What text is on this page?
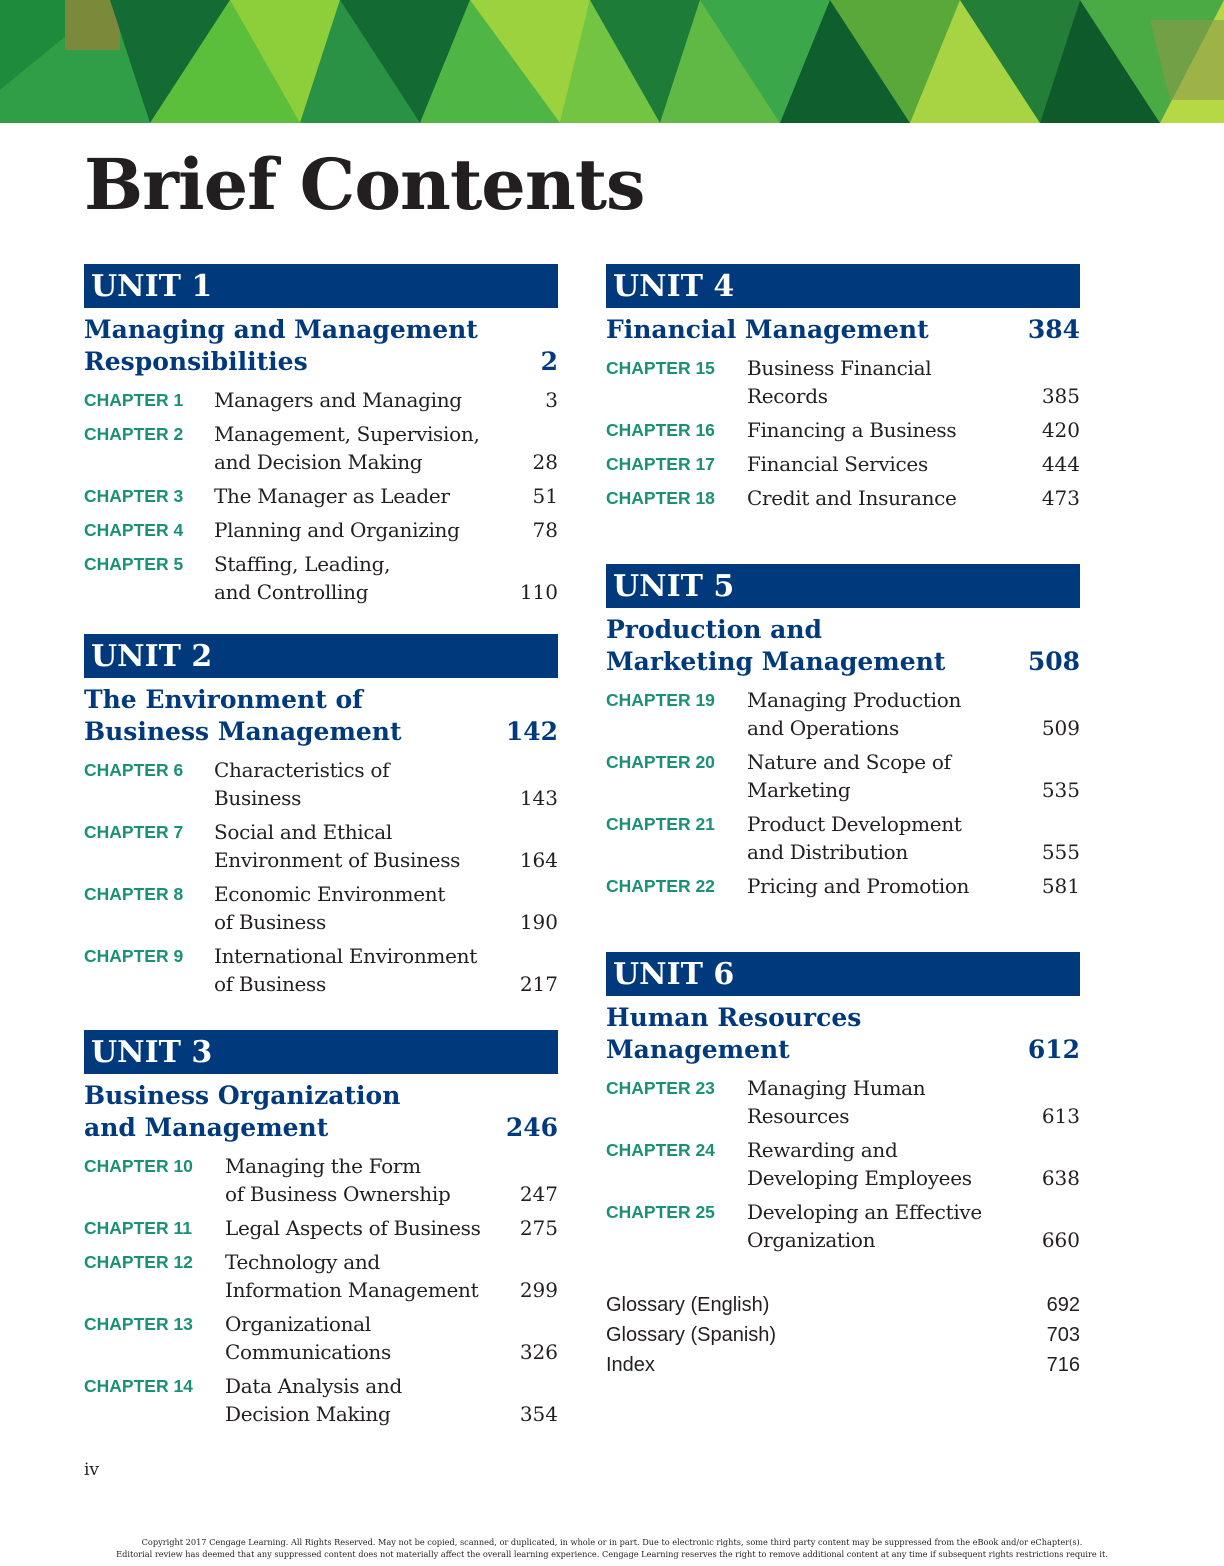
Brief Contents
UNIT 1
Managing and Management
Responsibilities	2
CHAPTER 1	Managers and Managing	3
CHAPTER 2	Management, Supervision,
and Decision Making	28
CHAPTER 3	The Manager as Leader	51
CHAPTER 4	Planning and Organizing	78
CHAPTER 5	Staffing, Leading,
and Controlling	110
UNIT 2
The Environment of
Business Management	142
CHAPTER 6	Characteristics of
Business	143
CHAPTER 7	Social and Ethical
Environment of Business	164
CHAPTER 8	Economic Environment
of Business	190
CHAPTER 9	International Environment
of Business	217
UNIT 3
Business Organization
and Management	246
CHAPTER 10	Managing the Form
of Business Ownership	247
CHAPTER 11	Legal Aspects of Business	275
CHAPTER 12	Technology and
Information Management	299
CHAPTER 13	Organizational
Communications	326
CHAPTER 14	Data Analysis and
Decision Making	354
UNIT 4
Financial Management	384
CHAPTER 15	Business Financial
Records	385
CHAPTER 16	Financing a Business	420
CHAPTER 17	Financial Services	444
CHAPTER 18	Credit and Insurance	473
UNIT 5
Production and
Marketing Management	508
CHAPTER 19	Managing Production
and Operations	509
CHAPTER 20	Nature and Scope of
Marketing	535
CHAPTER 21	Product Development
and Distribution	555
CHAPTER 22	Pricing and Promotion	581
UNIT 6
Human Resources
Management	612
CHAPTER 23	Managing Human
Resources	613
CHAPTER 24	Rewarding and
Developing Employees	638
CHAPTER 25	Developing an Effective
Organization	660
Glossary (English)	692
Glossary (Spanish)	703
Index	716
iv
Copyright 2017 Cengage Learning. All Rights Reserved. May not be copied, scanned, or duplicated, in whole or in part. Due to electronic rights, some third party content may be suppressed from the eBook and/or eChapter(s).
Editorial review has deemed that any suppressed content does not materially affect the overall learning experience. Cengage Learning reserves the right to remove additional content at any time if subsequent rights restrictions require it.
